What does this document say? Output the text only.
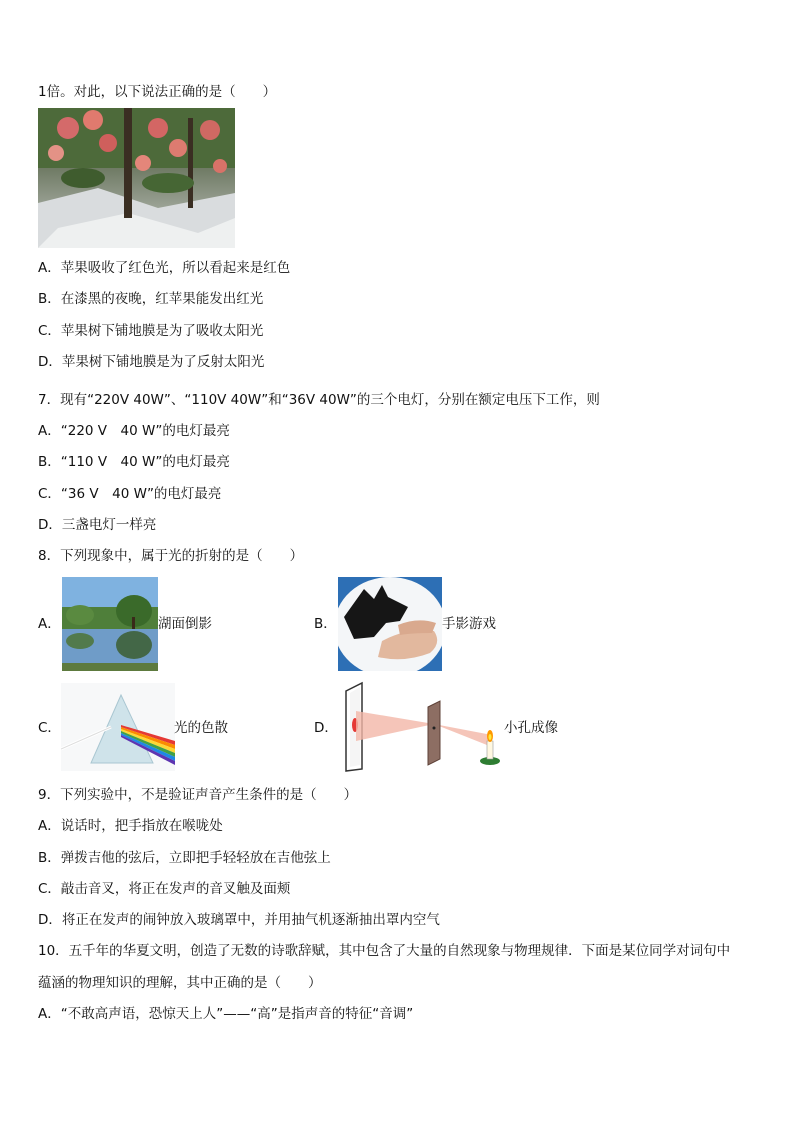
1倍。对此，以下说法正确的是（　　）
A．苹果吸收了红色光，所以看起来是红色
B．在漆黑的夜晚，红苹果能发出红光
C．苹果树下铺地膜是为了吸收太阳光
D．苹果树下铺地膜是为了反射太阳光
7．现有“220V 40W”、“110V 40W”和“36V 40W”的三个电灯，分别在额定电压下工作，则
A．“220 V　40 W”的电灯最亮
B．“110 V　40 W”的电灯最亮
C．“36 V　40 W”的电灯最亮
D．三盏电灯一样亮
8．下列现象中，属于光的折射的是（　　）
A．	湖面倒影	B．	手影游戏
C．	光的色散	D．	小孔成像
9．下列实验中，不是验证声音产生条件的是（　　）
A．说话时，把手指放在喉咙处
B．弹拨吉他的弦后，立即把手轻轻放在吉他弦上
C．敲击音叉，将正在发声的音叉触及面颊
D．将正在发声的闹钟放入玻璃罩中，并用抽气机逐渐抽出罩内空气
10．五千年的华夏文明，创造了无数的诗歌辞赋，其中包含了大量的自然现象与物理规律．下面是某位同学对词句中
蕴涵的物理知识的理解，其中正确的是（　　）
A．“不敢高声语，恐惊天上人”——“高”是指声音的特征“音调”
